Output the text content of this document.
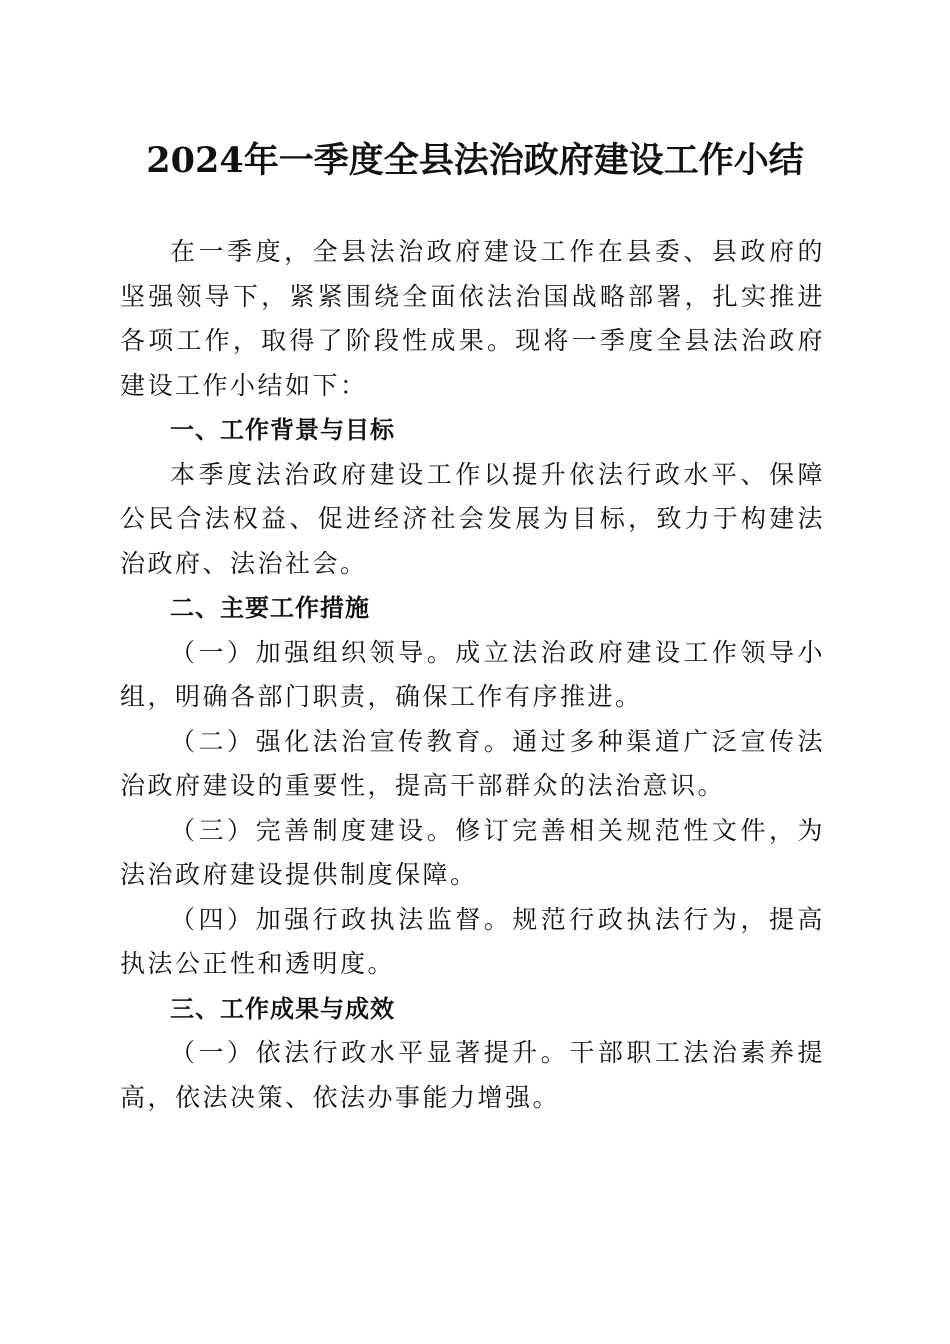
2024年一季度全县法治政府建设工作小结

在一季度，全县法治政府建设工作在县委、县政府的坚强领导下，紧紧围绕全面依法治国战略部署，扎实推进各项工作，取得了阶段性成果。现将一季度全县法治政府建设工作小结如下：

一、工作背景与目标

本季度法治政府建设工作以提升依法行政水平、保障公民合法权益、促进经济社会发展为目标，致力于构建法治政府、法治社会。

二、主要工作措施

（一）加强组织领导。成立法治政府建设工作领导小组，明确各部门职责，确保工作有序推进。

（二）强化法治宣传教育。通过多种渠道广泛宣传法治政府建设的重要性，提高干部群众的法治意识。

（三）完善制度建设。修订完善相关规范性文件，为法治政府建设提供制度保障。

（四）加强行政执法监督。规范行政执法行为，提高执法公正性和透明度。

三、工作成果与成效

（一）依法行政水平显著提升。干部职工法治素养提高，依法决策、依法办事能力增强。
